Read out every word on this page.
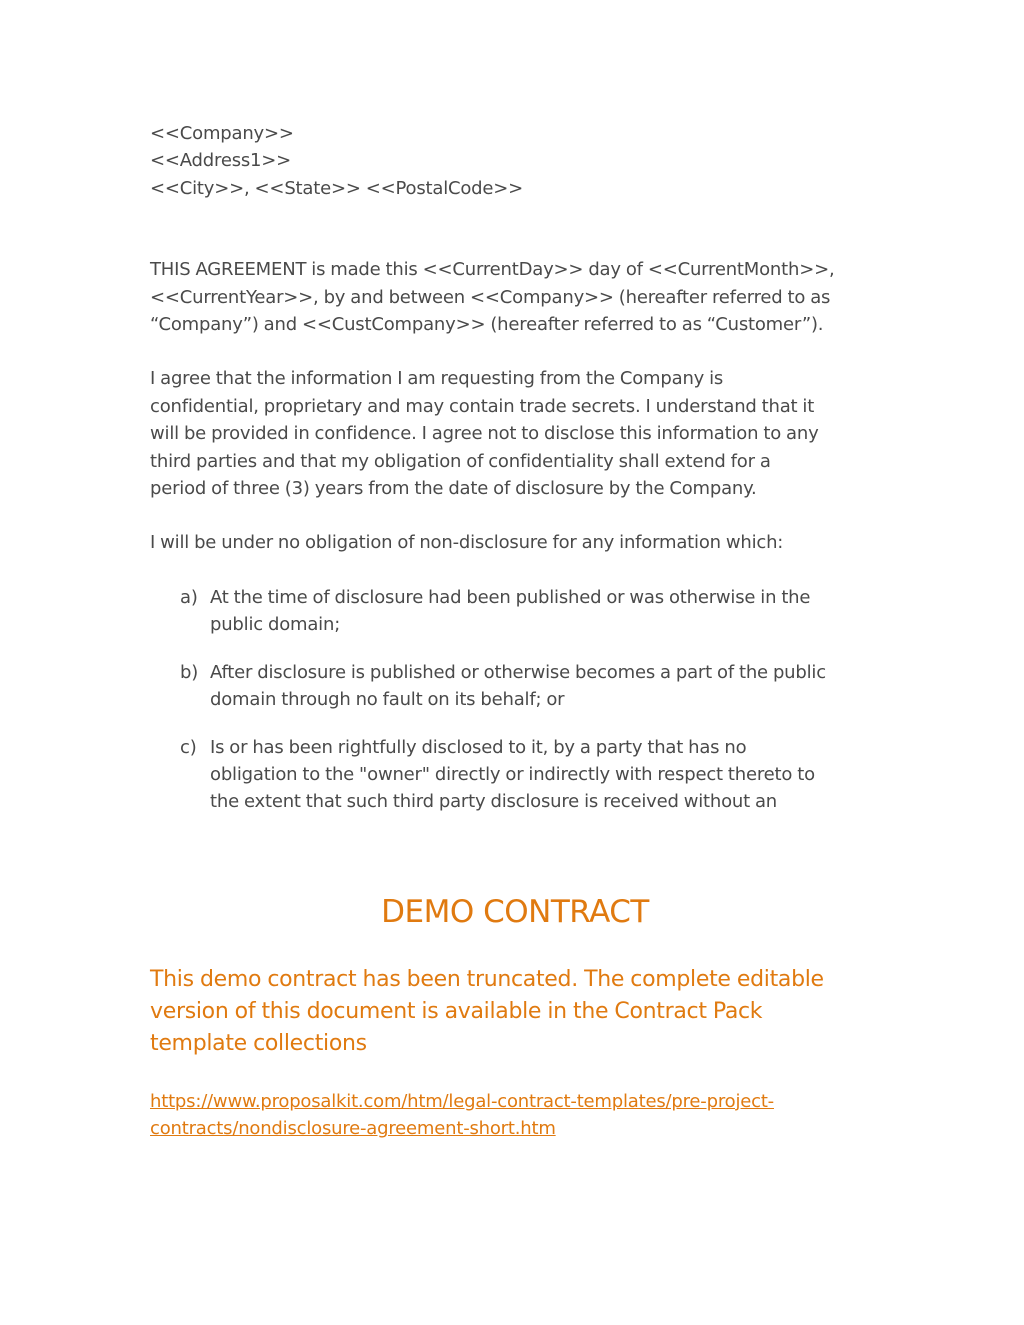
<<Company>>
<<Address1>>
<<City>>, <<State>> <<PostalCode>>
THIS AGREEMENT is made this <<CurrentDay>> day of <<CurrentMonth>>,
<<CurrentYear>>, by and between <<Company>> (hereafter referred to as
“Company”) and <<CustCompany>> (hereafter referred to as “Customer”).
I agree that the information I am requesting from the Company is
confidential, proprietary and may contain trade secrets. I understand that it
will be provided in confidence. I agree not to disclose this information to any
third parties and that my obligation of confidentiality shall extend for a
period of three (3) years from the date of disclosure by the Company.
I will be under no obligation of non-disclosure for any information which:
a) At the time of disclosure had been published or was otherwise in the
public domain;
b) After disclosure is published or otherwise becomes a part of the public
domain through no fault on its behalf; or
c) Is or has been rightfully disclosed to it, by a party that has no
obligation to the "owner" directly or indirectly with respect thereto to
the extent that such third party disclosure is received without an
DEMO CONTRACT
This demo contract has been truncated. The complete editable
version of this document is available in the Contract Pack
template collections
https://www.proposalkit.com/htm/legal-contract-templates/pre-project-
contracts/nondisclosure-agreement-short.htm
